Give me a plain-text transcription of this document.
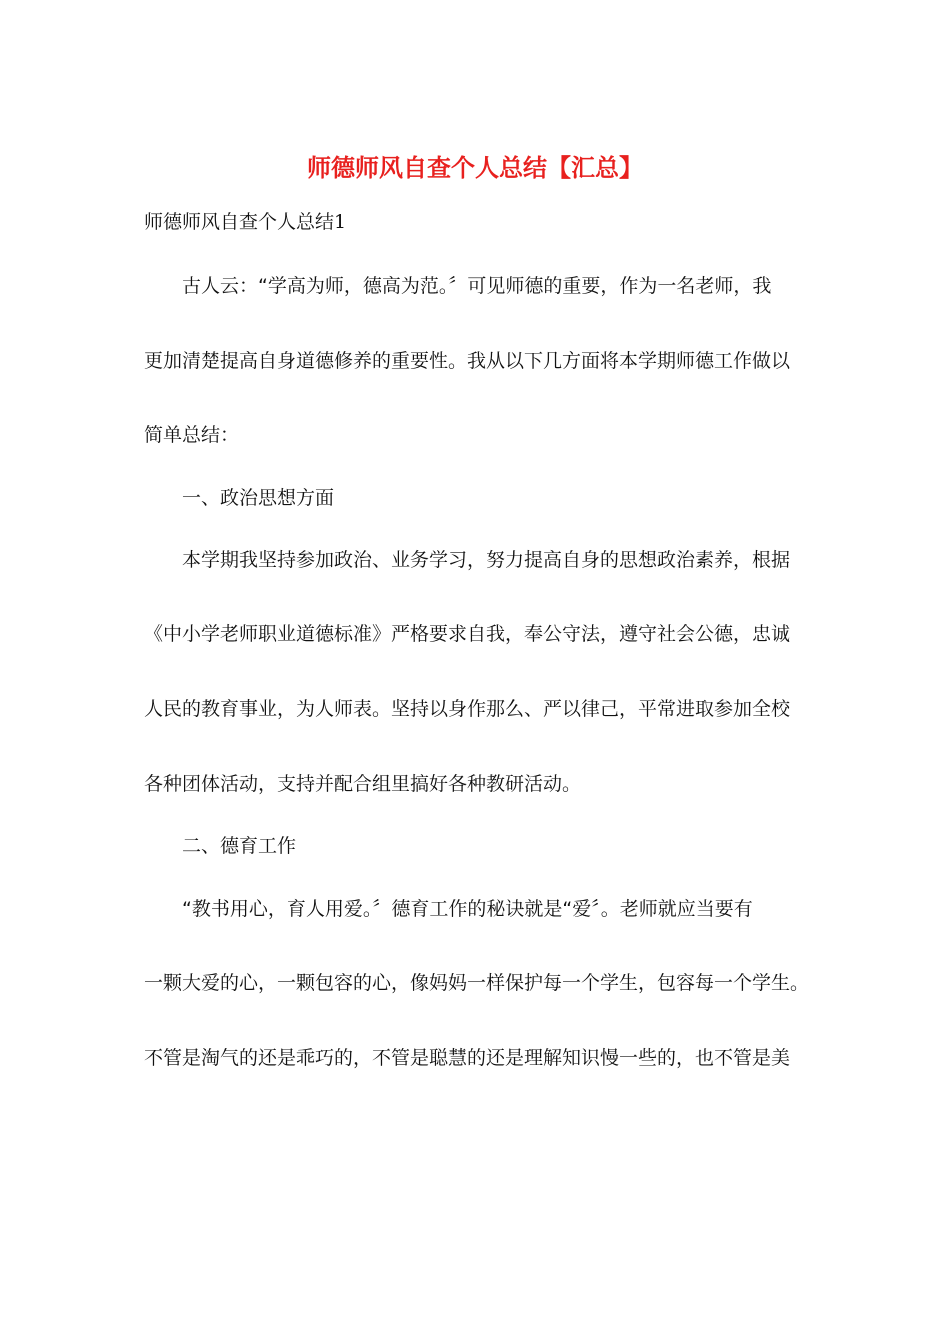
师德师风自查个人总结【汇总】

师德师风自查个人总结1

古人云：“学高为师，德高为范。〞可见师德的重要，作为一名老师，我

更加清楚提高自身道德修养的重要性。我从以下几方面将本学期师德工作做以

简单总结：

一、政治思想方面

本学期我坚持参加政治、业务学习，努力提高自身的思想政治素养，根据

《中小学老师职业道德标准》严格要求自我，奉公守法，遵守社会公德，忠诚

人民的教育事业，为人师表。坚持以身作那么、严以律己，平常进取参加全校

各种团体活动，支持并配合组里搞好各种教研活动。

二、德育工作

“教书用心，育人用爱。〞德育工作的秘诀就是“爱〞。老师就应当要有

一颗大爱的心，一颗包容的心，像妈妈一样保护每一个学生，包容每一个学生。

不管是淘气的还是乖巧的，不管是聪慧的还是理解知识慢一些的，也不管是美
